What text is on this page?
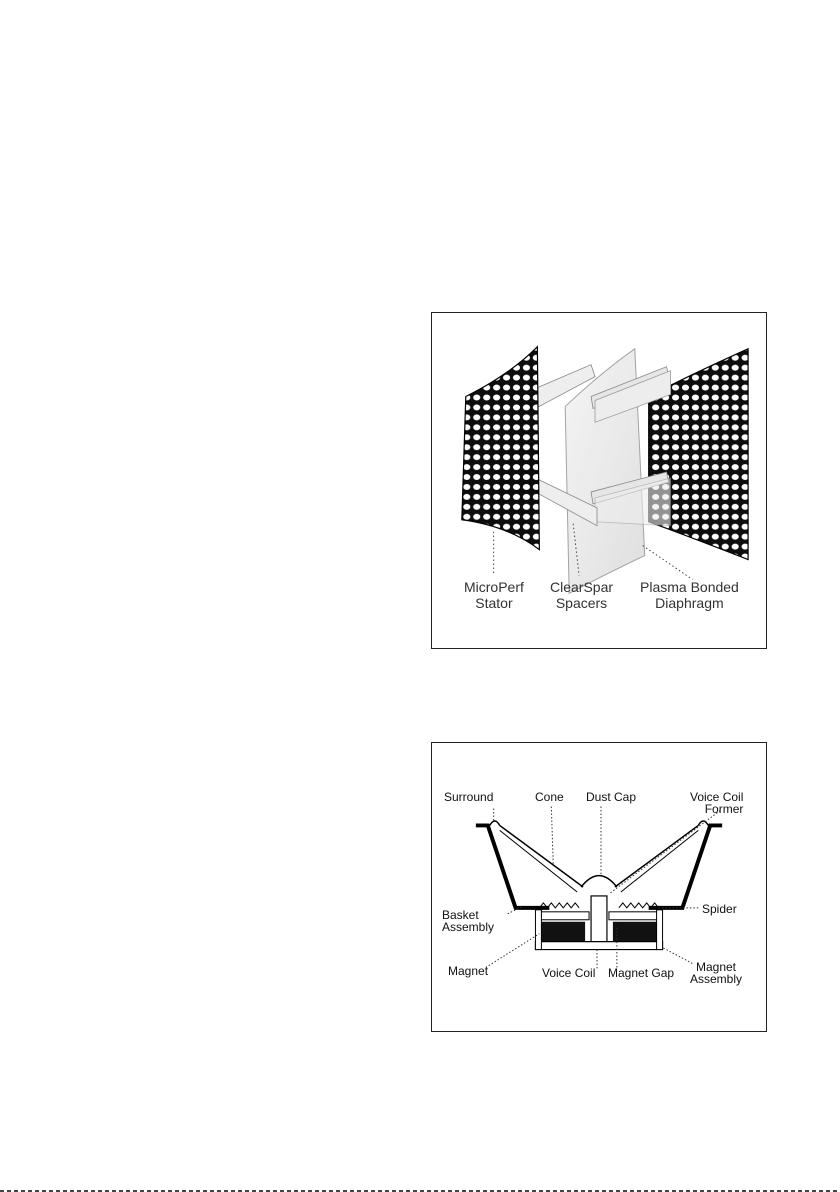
MicroPerf
Stator
ClearSpar
Spacers
Plasma Bonded
Diaphragm
Surround	Cone Dust Cap	Voice Coil
Former
Basket
Assembly
Spider
Magnet	Voice Coil Magnet Gap	Magnet
Assembly
